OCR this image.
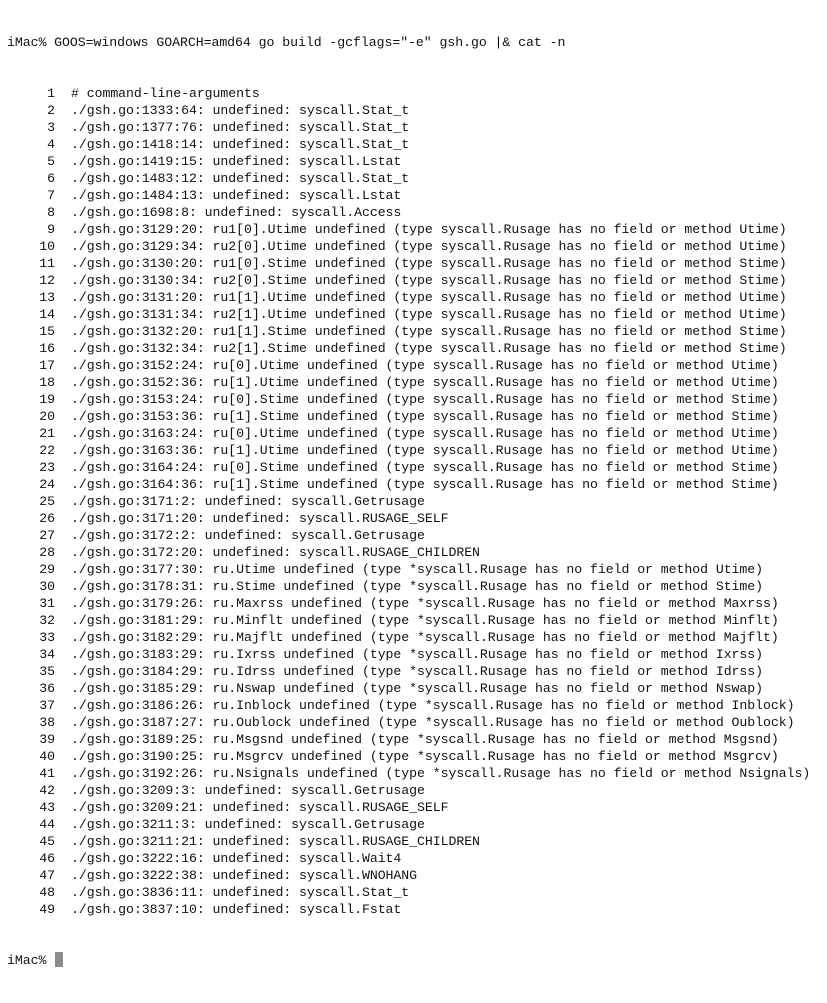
iMac% GOOS=windows GOARCH=amd64 go build -gcflags="-e" gsh.go |& cat -n

1 # command-line-arguments
2 ./gsh.go:1333:64: undefined: syscall.Stat_t
3 ./gsh.go:1377:76: undefined: syscall.Stat_t
4 ./gsh.go:1418:14: undefined: syscall.Stat_t
5 ./gsh.go:1419:15: undefined: syscall.Lstat
6 ./gsh.go:1483:12: undefined: syscall.Stat_t
7 ./gsh.go:1484:13: undefined: syscall.Lstat
8 ./gsh.go:1698:8: undefined: syscall.Access
9 ./gsh.go:3129:20: ru1[0].Utime undefined (type syscall.Rusage has no field or method Utime)
10 ./gsh.go:3129:34: ru2[0].Utime undefined (type syscall.Rusage has no field or method Utime)
11 ./gsh.go:3130:20: ru1[0].Stime undefined (type syscall.Rusage has no field or method Stime)
12 ./gsh.go:3130:34: ru2[0].Stime undefined (type syscall.Rusage has no field or method Stime)
13 ./gsh.go:3131:20: ru1[1].Utime undefined (type syscall.Rusage has no field or method Utime)
14 ./gsh.go:3131:34: ru2[1].Utime undefined (type syscall.Rusage has no field or method Utime)
15 ./gsh.go:3132:20: ru1[1].Stime undefined (type syscall.Rusage has no field or method Stime)
16 ./gsh.go:3132:34: ru2[1].Stime undefined (type syscall.Rusage has no field or method Stime)
17 ./gsh.go:3152:24: ru[0].Utime undefined (type syscall.Rusage has no field or method Utime)
18 ./gsh.go:3152:36: ru[1].Utime undefined (type syscall.Rusage has no field or method Utime)
19 ./gsh.go:3153:24: ru[0].Stime undefined (type syscall.Rusage has no field or method Stime)
20 ./gsh.go:3153:36: ru[1].Stime undefined (type syscall.Rusage has no field or method Stime)
21 ./gsh.go:3163:24: ru[0].Utime undefined (type syscall.Rusage has no field or method Utime)
22 ./gsh.go:3163:36: ru[1].Utime undefined (type syscall.Rusage has no field or method Utime)
23 ./gsh.go:3164:24: ru[0].Stime undefined (type syscall.Rusage has no field or method Stime)
24 ./gsh.go:3164:36: ru[1].Stime undefined (type syscall.Rusage has no field or method Stime)
25 ./gsh.go:3171:2: undefined: syscall.Getrusage
26 ./gsh.go:3171:20: undefined: syscall.RUSAGE_SELF
27 ./gsh.go:3172:2: undefined: syscall.Getrusage
28 ./gsh.go:3172:20: undefined: syscall.RUSAGE_CHILDREN
29 ./gsh.go:3177:30: ru.Utime undefined (type *syscall.Rusage has no field or method Utime)
30 ./gsh.go:3178:31: ru.Stime undefined (type *syscall.Rusage has no field or method Stime)
31 ./gsh.go:3179:26: ru.Maxrss undefined (type *syscall.Rusage has no field or method Maxrss)
32 ./gsh.go:3181:29: ru.Minflt undefined (type *syscall.Rusage has no field or method Minflt)
33 ./gsh.go:3182:29: ru.Majflt undefined (type *syscall.Rusage has no field or method Majflt)
34 ./gsh.go:3183:29: ru.Ixrss undefined (type *syscall.Rusage has no field or method Ixrss)
35 ./gsh.go:3184:29: ru.Idrss undefined (type *syscall.Rusage has no field or method Idrss)
36 ./gsh.go:3185:29: ru.Nswap undefined (type *syscall.Rusage has no field or method Nswap)
37 ./gsh.go:3186:26: ru.Inblock undefined (type *syscall.Rusage has no field or method Inblock)
38 ./gsh.go:3187:27: ru.Oublock undefined (type *syscall.Rusage has no field or method Oublock)
39 ./gsh.go:3189:25: ru.Msgsnd undefined (type *syscall.Rusage has no field or method Msgsnd)
40 ./gsh.go:3190:25: ru.Msgrcv undefined (type *syscall.Rusage has no field or method Msgrcv)
41 ./gsh.go:3192:26: ru.Nsignals undefined (type *syscall.Rusage has no field or method Nsignals)
42 ./gsh.go:3209:3: undefined: syscall.Getrusage
43 ./gsh.go:3209:21: undefined: syscall.RUSAGE_SELF
44 ./gsh.go:3211:3: undefined: syscall.Getrusage
45 ./gsh.go:3211:21: undefined: syscall.RUSAGE_CHILDREN
46 ./gsh.go:3222:16: undefined: syscall.Wait4
47 ./gsh.go:3222:38: undefined: syscall.WNOHANG
48 ./gsh.go:3836:11: undefined: syscall.Stat_t
49 ./gsh.go:3837:10: undefined: syscall.Fstat

iMac%
